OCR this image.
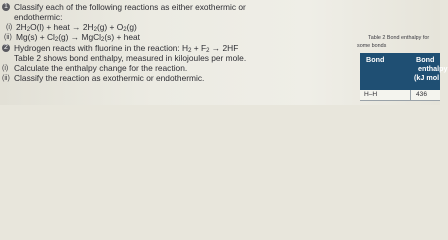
1 Classify each of the following reactions as either exothermic or
endothermic:
(i) 2H2O(l) + heat → 2H2(g) + O2(g)
(ii) Mg(s) + Cl2(g) → MgCl2(s) + heat
2 Hydrogen reacts with fluorine in the reaction: H2 + F2 → 2HF
Table 2 shows bond enthalpy, measured in kilojoules per mole.
(i) Calculate the enthalpy change for the reaction.
(ii) Classify the reaction as exothermic or endothermic.
Table 2 Bond enthalpy for
some bonds
Bond	Bond
enthalpy
(kJ mol
H–H	436
